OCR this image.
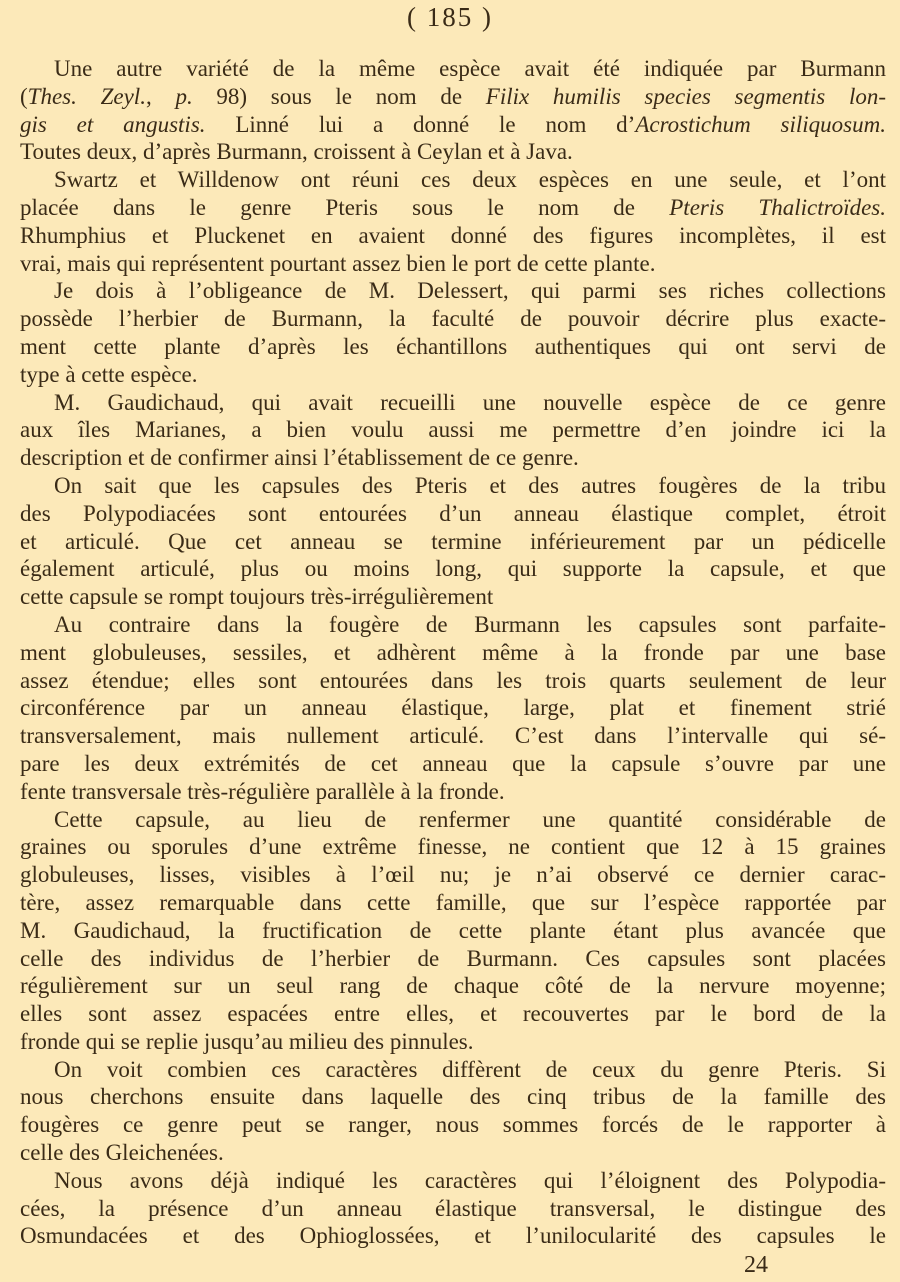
( 185 )
Une autre variété de la même espèce avait été indiquée par Burmann
(Thes. Zeyl., p. 98) sous le nom de Filix humilis species segmentis lon-
gis et angustis. Linné lui a donné le nom d’Acrostichum siliquosum.
Toutes deux, d’après Burmann, croissent à Ceylan et à Java.
Swartz et Willdenow ont réuni ces deux espèces en une seule, et l’ont
placée dans le genre Pteris sous le nom de Pteris Thalictroïdes.
Rhumphius et Pluckenet en avaient donné des figures incomplètes, il est
vrai, mais qui représentent pourtant assez bien le port de cette plante.
Je dois à l’obligeance de M. Delessert, qui parmi ses riches collections
possède l’herbier de Burmann, la faculté de pouvoir décrire plus exacte-
ment cette plante d’après les échantillons authentiques qui ont servi de
type à cette espèce.
M. Gaudichaud, qui avait recueilli une nouvelle espèce de ce genre
aux îles Marianes, a bien voulu aussi me permettre d’en joindre ici la
description et de confirmer ainsi l’établissement de ce genre.
On sait que les capsules des Pteris et des autres fougères de la tribu
des Polypodiacées sont entourées d’un anneau élastique complet, étroit
et articulé. Que cet anneau se termine inférieurement par un pédicelle
également articulé, plus ou moins long, qui supporte la capsule, et que
cette capsule se rompt toujours très-irrégulièrement
Au contraire dans la fougère de Burmann les capsules sont parfaite-
ment globuleuses, sessiles, et adhèrent même à la fronde par une base
assez étendue; elles sont entourées dans les trois quarts seulement de leur
circonférence par un anneau élastique, large, plat et finement strié
transversalement, mais nullement articulé. C’est dans l’intervalle qui sé-
pare les deux extrémités de cet anneau que la capsule s’ouvre par une
fente transversale très-régulière parallèle à la fronde.
Cette capsule, au lieu de renfermer une quantité considérable de
graines ou sporules d’une extrême finesse, ne contient que 12 à 15 graines
globuleuses, lisses, visibles à l’œil nu; je n’ai observé ce dernier carac-
tère, assez remarquable dans cette famille, que sur l’espèce rapportée par
M. Gaudichaud, la fructification de cette plante étant plus avancée que
celle des individus de l’herbier de Burmann. Ces capsules sont placées
régulièrement sur un seul rang de chaque côté de la nervure moyenne;
elles sont assez espacées entre elles, et recouvertes par le bord de la
fronde qui se replie jusqu’au milieu des pinnules.
On voit combien ces caractères diffèrent de ceux du genre Pteris. Si
nous cherchons ensuite dans laquelle des cinq tribus de la famille des
fougères ce genre peut se ranger, nous sommes forcés de le rapporter à
celle des Gleichenées.
Nous avons déjà indiqué les caractères qui l’éloignent des Polypodia-
cées, la présence d’un anneau élastique transversal, le distingue des
Osmundacées et des Ophioglossées, et l’unilocularité des capsules le
24
